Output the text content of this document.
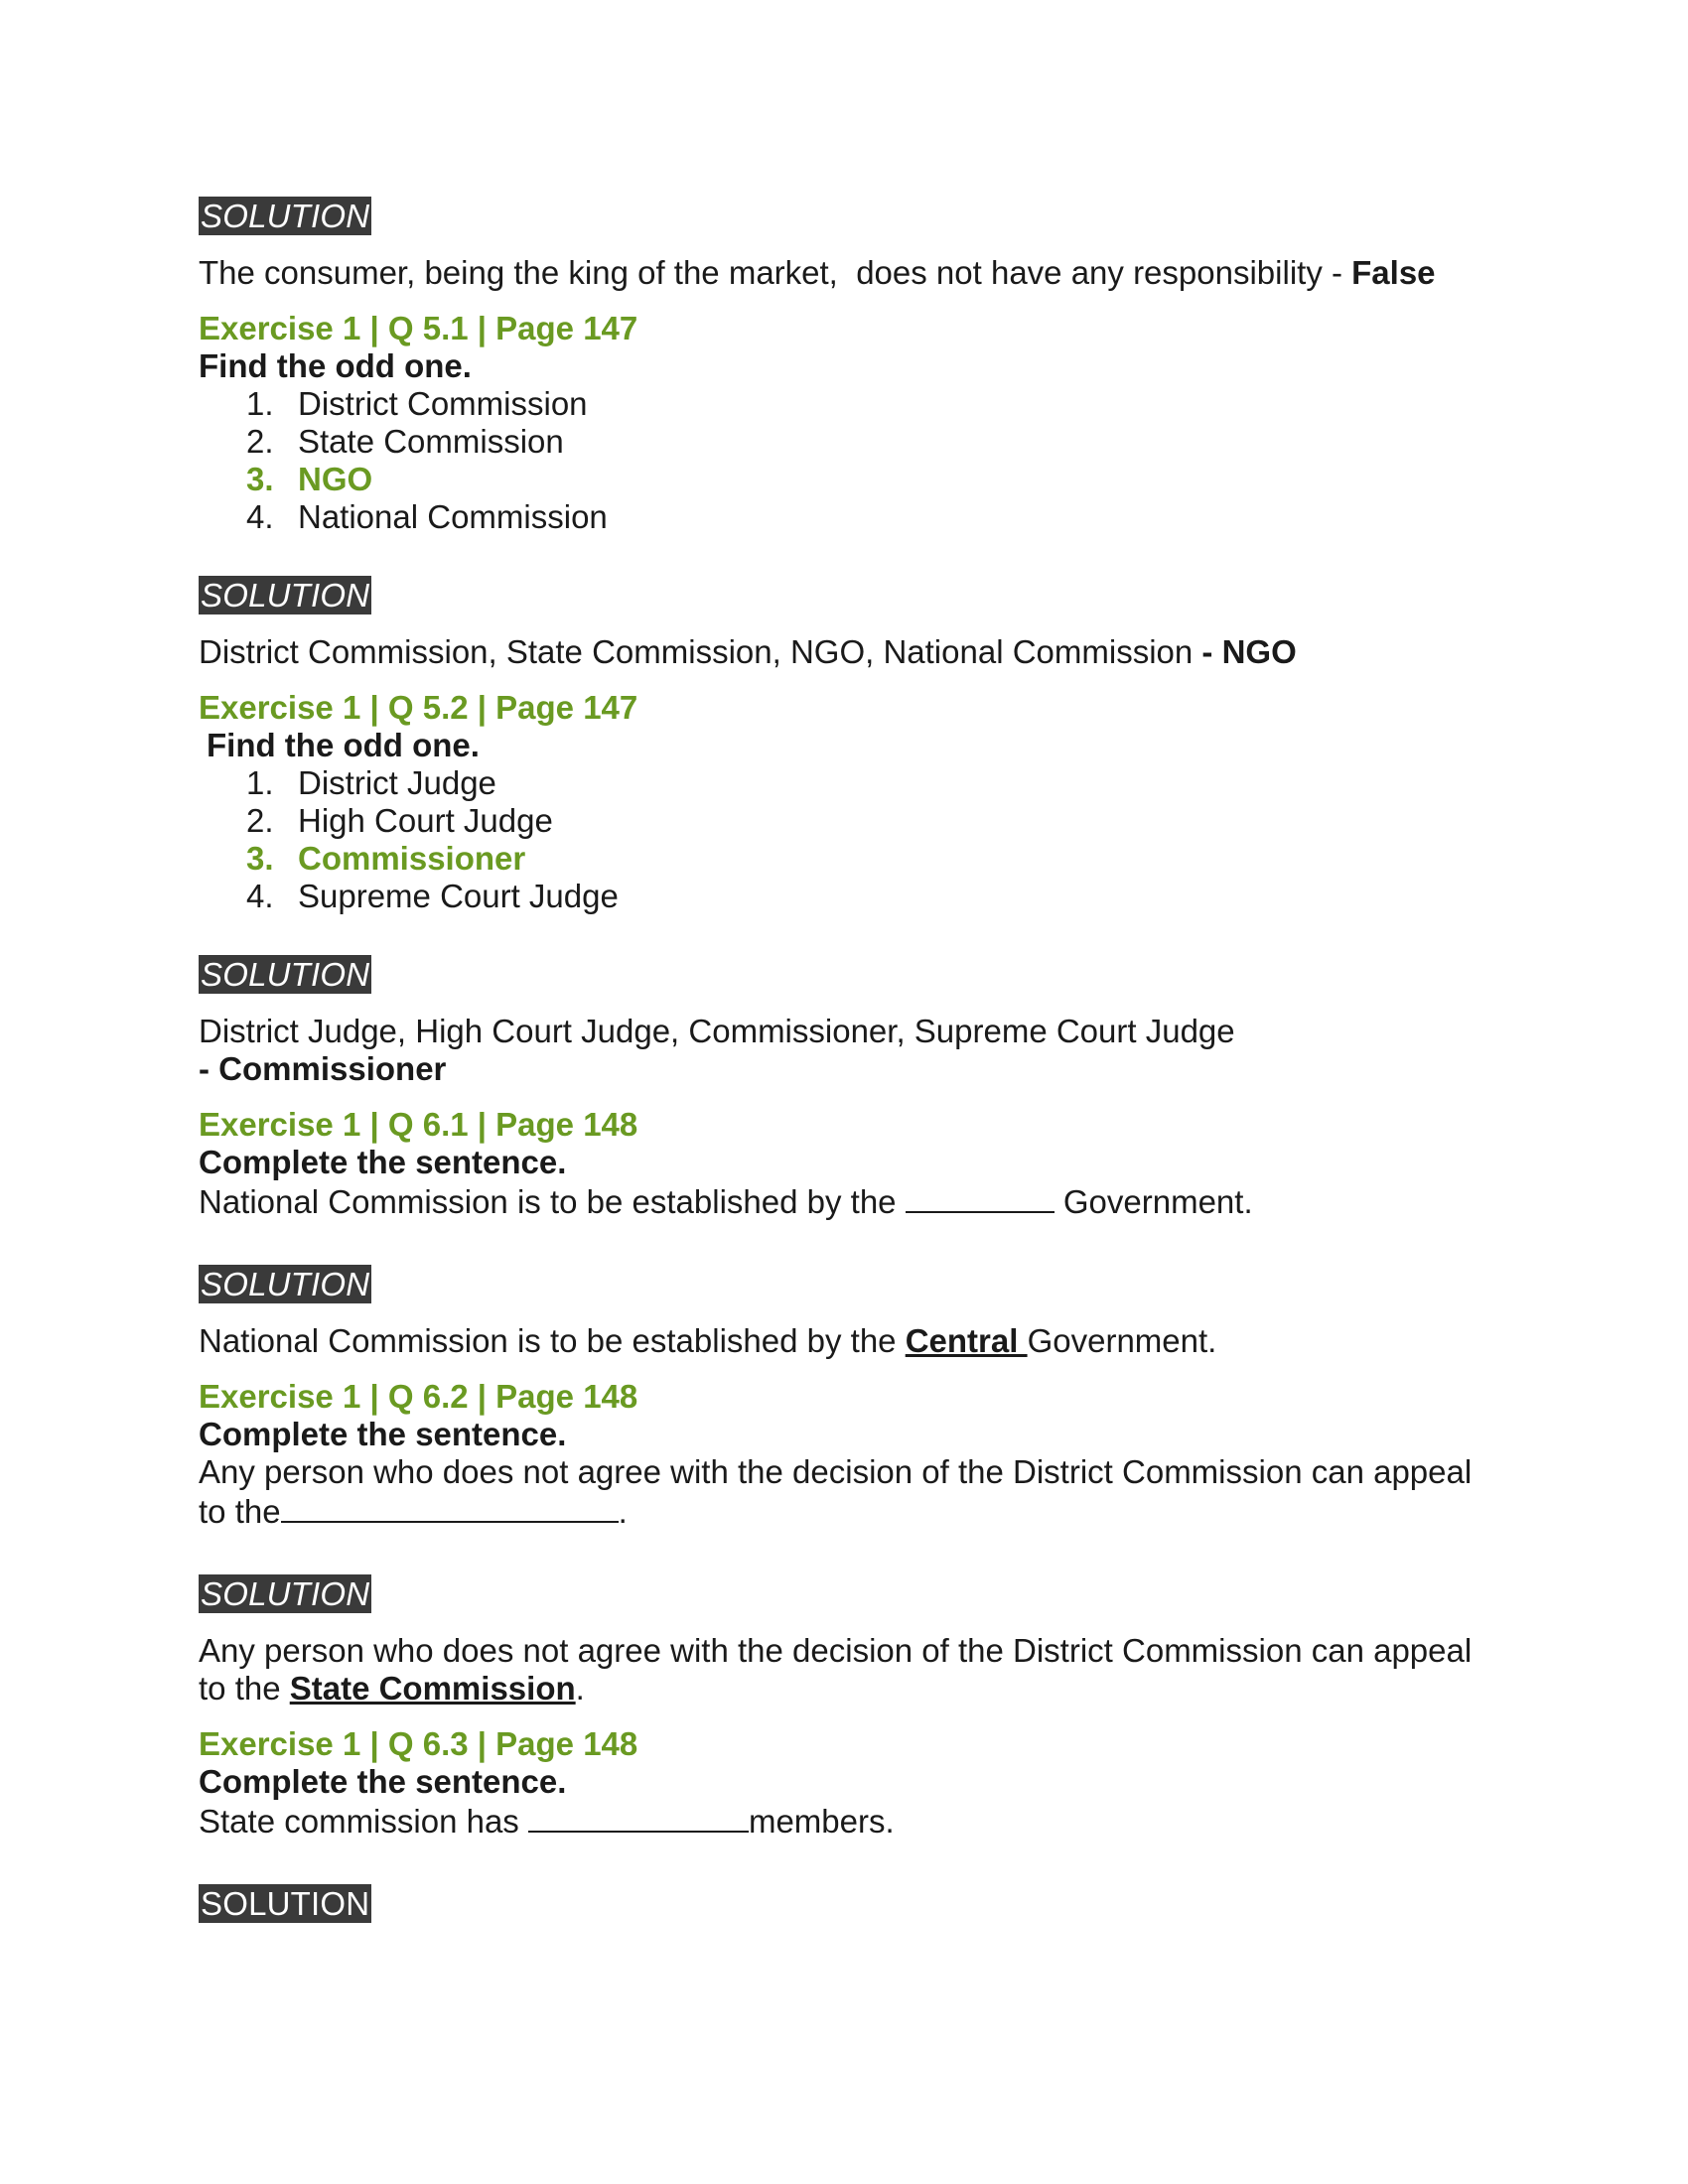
SOLUTION
The consumer, being the king of the market,  does not have any responsibility - False
Exercise 1 | Q 5.1 | Page 147
Find the odd one.
1. District Commission
2. State Commission
3. NGO
4. National Commission
SOLUTION
District Commission, State Commission, NGO, National Commission - NGO
Exercise 1 | Q 5.2 | Page 147
Find the odd one.
1. District Judge
2. High Court Judge
3. Commissioner
4. Supreme Court Judge
SOLUTION
District Judge, High Court Judge, Commissioner, Supreme Court Judge
- Commissioner
Exercise 1 | Q 6.1 | Page 148
Complete the sentence.
National Commission is to be established by the	Government.
SOLUTION
National Commission is to be established by the Central Government.
Exercise 1 | Q 6.2 | Page 148
Complete the sentence.
Any person who does not agree with the decision of the District Commission can appeal
to the	.
SOLUTION
Any person who does not agree with the decision of the District Commission can appeal
to the State Commission.
Exercise 1 | Q 6.3 | Page 148
Complete the sentence.
State commission has	members.
SOLUTION
